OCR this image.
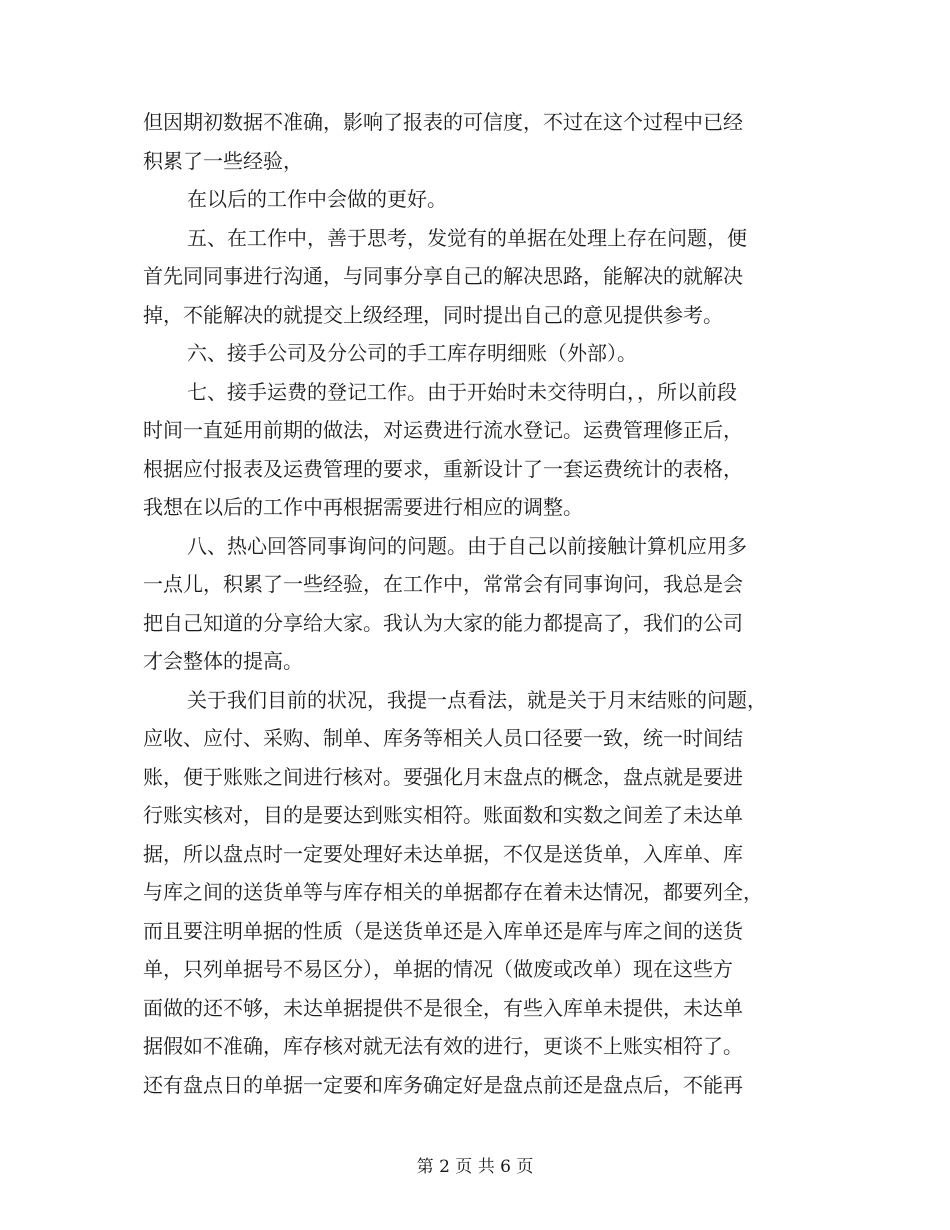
但因期初数据不准确，影响了报表的可信度，不过在这个过程中已经
积累了一些经验，
在以后的工作中会做的更好。
五、在工作中，善于思考，发觉有的单据在处理上存在问题，便
首先同同事进行沟通，与同事分享自己的解决思路，能解决的就解决
掉，不能解决的就提交上级经理，同时提出自己的意见提供参考。
六、接手公司及分公司的手工库存明细账（外部）。
七、接手运费的登记工作。由于开始时未交待明白，，所以前段
时间一直延用前期的做法，对运费进行流水登记。运费管理修正后，
根据应付报表及运费管理的要求，重新设计了一套运费统计的表格，
我想在以后的工作中再根据需要进行相应的调整。
八、热心回答同事询问的问题。由于自己以前接触计算机应用多
一点儿，积累了一些经验，在工作中，常常会有同事询问，我总是会
把自己知道的分享给大家。我认为大家的能力都提高了，我们的公司
才会整体的提高。
关于我们目前的状况，我提一点看法，就是关于月末结账的问题，
应收、应付、采购、制单、库务等相关人员口径要一致，统一时间结
账，便于账账之间进行核对。要强化月末盘点的概念，盘点就是要进
行账实核对，目的是要达到账实相符。账面数和实数之间差了未达单
据，所以盘点时一定要处理好未达单据，不仅是送货单，入库单、库
与库之间的送货单等与库存相关的单据都存在着未达情况，都要列全，
而且要注明单据的性质（是送货单还是入库单还是库与库之间的送货
单，只列单据号不易区分），单据的情况（做废或改单）现在这些方
面做的还不够，未达单据提供不是很全，有些入库单未提供，未达单
据假如不准确，库存核对就无法有效的进行，更谈不上账实相符了。
还有盘点日的单据一定要和库务确定好是盘点前还是盘点后，不能再
第 2 页 共 6 页
